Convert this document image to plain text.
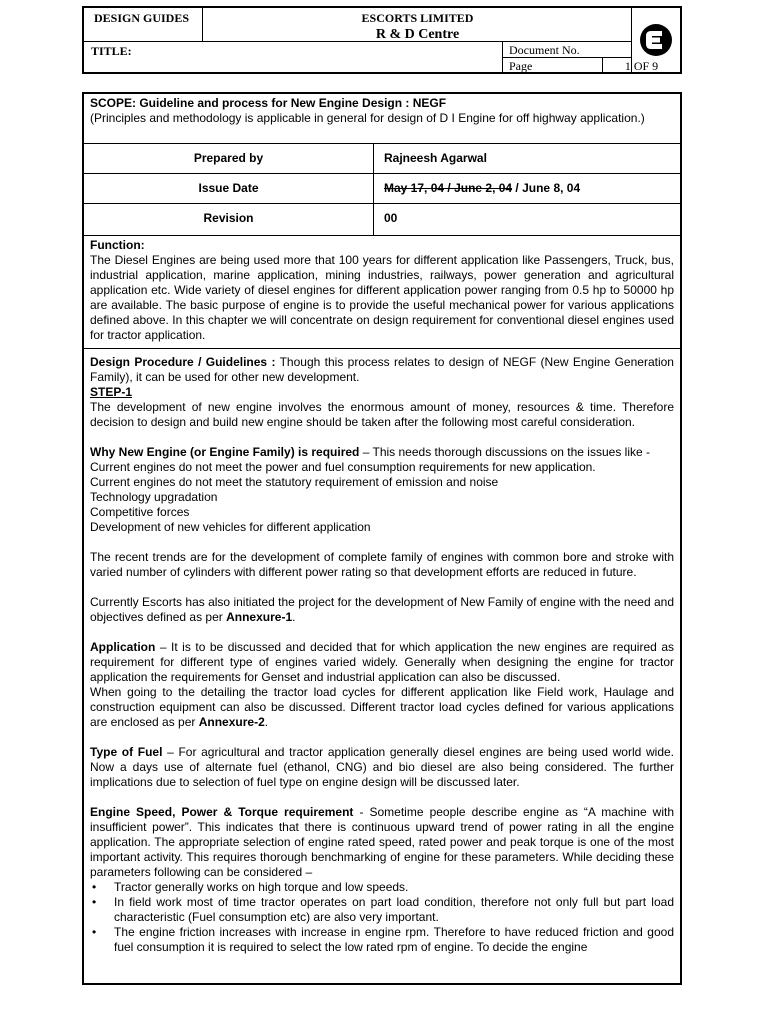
DESIGN GUIDES	ESCORTS LIMITED
R & D Centre
TITLE:	Document No.
Page	1 OF 9
SCOPE: Guideline and process for New Engine Design : NEGF
(Principles and methodology is applicable in general for design of D I Engine for off highway application.)
Prepared by	Rajneesh Agarwal
Issue Date	May 17, 04 / June 2, 04 / June 8, 04
Revision	00
Function:

The Diesel Engines are being used more that 100 years for different application like Passengers, Truck, bus, industrial application, marine application, mining industries, railways, power generation and agricultural application etc. Wide variety of diesel engines for different application power ranging from 0.5 hp to 50000 hp are available. The basic purpose of engine is to provide the useful mechanical power for various applications defined above. In this chapter we will concentrate on design requirement for conventional diesel engines used for tractor application.

Design Procedure / Guidelines : Though this process relates to design of NEGF (New Engine Generation Family), it can be used for other new development.

STEP-1

The development of new engine involves the enormous amount of money, resources & time. Therefore decision to design and build new engine should be taken after the following most careful consideration.

Why New Engine (or Engine Family) is required – This needs thorough discussions on the issues like -

Current engines do not meet the power and fuel consumption requirements for new application.
Current engines do not meet the statutory requirement of emission and noise
Technology upgradation
Competitive forces
Development of new vehicles for different application

The recent trends are for the development of complete family of engines with common bore and stroke with varied number of cylinders with different power rating so that development efforts are reduced in future.

Currently Escorts has also initiated the project for the development of New Family of engine with the need and objectives defined as per Annexure-1.

Application – It is to be discussed and decided that for which application the new engines are required as requirement for different type of engines varied widely. Generally when designing the engine for tractor application the requirements for Genset and industrial application can also be discussed.

When going to the detailing the tractor load cycles for different application like Field work, Haulage and construction equipment can also be discussed. Different tractor load cycles defined for various applications are enclosed as per Annexure-2.

Type of Fuel – For agricultural and tractor application generally diesel engines are being used world wide. Now a days use of alternate fuel (ethanol, CNG) and bio diesel are also being considered. The further implications due to selection of fuel type on engine design will be discussed later.

Engine Speed, Power & Torque requirement - Sometime people describe engine as “A machine with insufficient power”. This indicates that there is continuous upward trend of power rating in all the engine application. The appropriate selection of engine rated speed, rated power and peak torque is one of the most important activity. This requires thorough benchmarking of engine for these parameters. While deciding these parameters following can be considered –

• Tractor generally works on high torque and low speeds.
• In field work most of time tractor operates on part load condition, therefore not only full but part load characteristic (Fuel consumption etc) are also very important.
• The engine friction increases with increase in engine rpm. Therefore to have reduced friction and good fuel consumption it is required to select the low rated rpm of engine. To decide the engine
